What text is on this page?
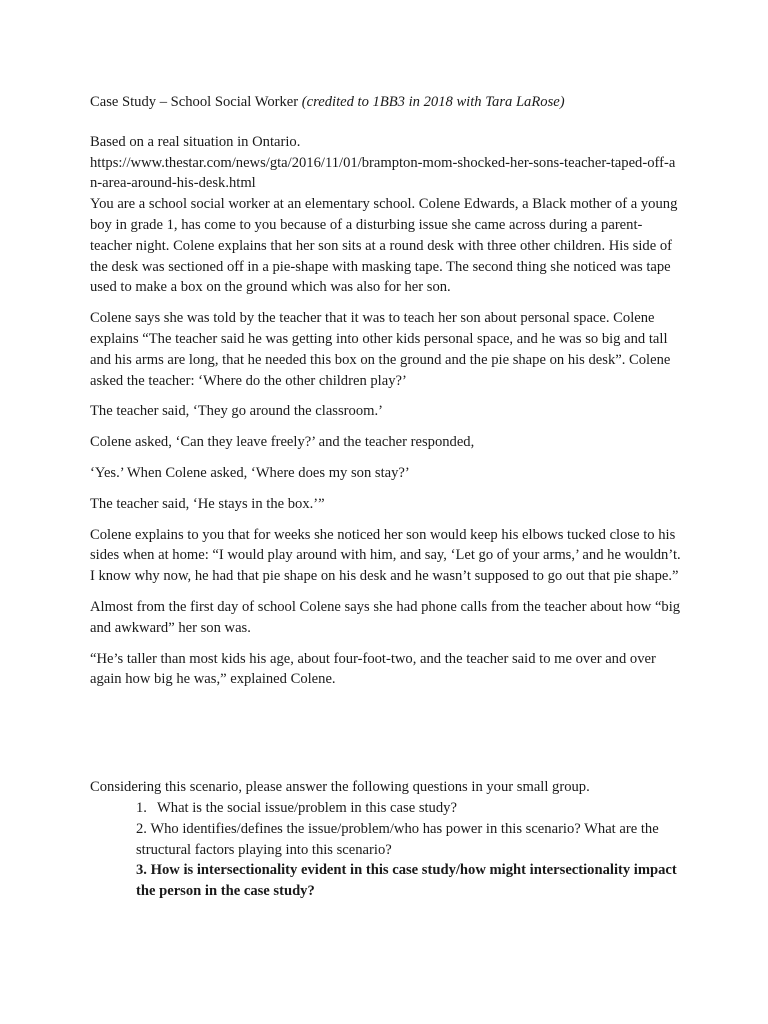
Case Study – School Social Worker (credited to 1BB3 in 2018 with Tara LaRose)

Based on a real situation in Ontario.

https://www.thestar.com/news/gta/2016/11/01/brampton-mom-shocked-her-sons-teacher-taped-off-an-area-around-his-desk.html

You are a school social worker at an elementary school. Colene Edwards, a Black mother of a young boy in grade 1, has come to you because of a disturbing issue she came across during a parent-teacher night. Colene explains that her son sits at a round desk with three other children. His side of the desk was sectioned off in a pie-shape with masking tape. The second thing she noticed was tape used to make a box on the ground which was also for her son.

Colene says she was told by the teacher that it was to teach her son about personal space. Colene explains “The teacher said he was getting into other kids personal space, and he was so big and tall and his arms are long, that he needed this box on the ground and the pie shape on his desk”. Colene asked the teacher: ‘Where do the other children play?’

The teacher said, ‘They go around the classroom.’

Colene asked, ‘Can they leave freely?’ and the teacher responded,

‘Yes.’ When Colene asked, ‘Where does my son stay?’

The teacher said, ‘He stays in the box.’”

Colene explains to you that for weeks she noticed her son would keep his elbows tucked close to his sides when at home: “I would play around with him, and say, ‘Let go of your arms,’ and he wouldn’t. I know why now, he had that pie shape on his desk and he wasn’t supposed to go out that pie shape.”

Almost from the first day of school Colene says she had phone calls from the teacher about how “big and awkward” her son was.

“He’s taller than most kids his age, about four-foot-two, and the teacher said to me over and over again how big he was,” explained Colene.

Considering this scenario, please answer the following questions in your small group.

1. What is the social issue/problem in this case study?
2. Who identifies/defines the issue/problem/who has power in this scenario? What are the structural factors playing into this scenario?
3. How is intersectionality evident in this case study/how might intersectionality impact the person in the case study?
